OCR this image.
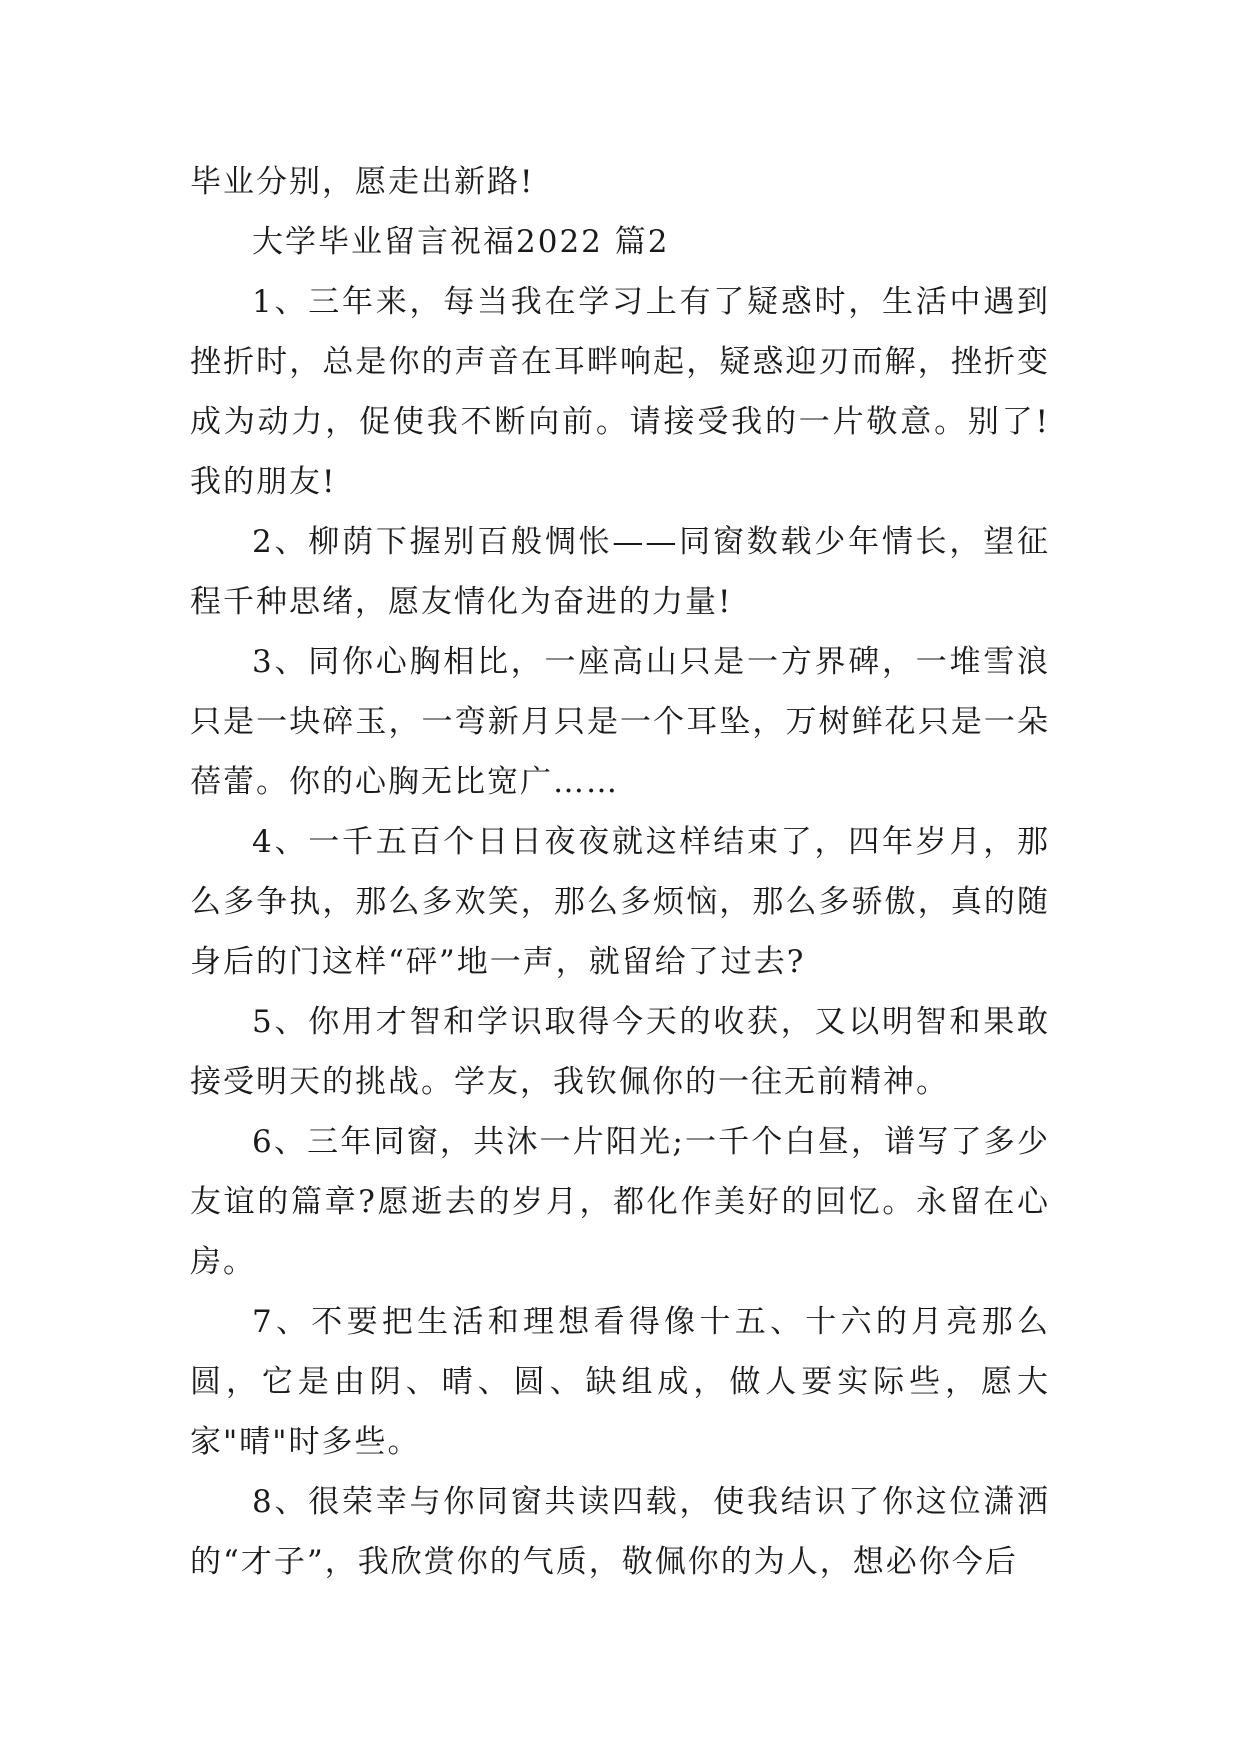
毕业分别，愿走出新路!

大学毕业留言祝福2022 篇2

1、三年来，每当我在学习上有了疑惑时，生活中遇到挫折时，总是你的声音在耳畔响起，疑惑迎刃而解，挫折变成为动力，促使我不断向前。请接受我的一片敬意。别了!我的朋友!

2、柳荫下握别百般惆怅——同窗数载少年情长，望征程千种思绪，愿友情化为奋进的力量!

3、同你心胸相比，一座高山只是一方界碑，一堆雪浪只是一块碎玉，一弯新月只是一个耳坠，万树鲜花只是一朵蓓蕾。你的心胸无比宽广……

4、一千五百个日日夜夜就这样结束了，四年岁月，那么多争执，那么多欢笑，那么多烦恼，那么多骄傲，真的随身后的门这样“砰”地一声，就留给了过去?

5、你用才智和学识取得今天的收获，又以明智和果敢接受明天的挑战。学友，我钦佩你的一往无前精神。

6、三年同窗，共沐一片阳光;一千个白昼，谱写了多少友谊的篇章?愿逝去的岁月，都化作美好的回忆。永留在心房。

7、不要把生活和理想看得像十五、十六的月亮那么圆，它是由阴、晴、圆、缺组成，做人要实际些，愿大家"晴"时多些。

8、很荣幸与你同窗共读四载，使我结识了你这位潇洒的“才子”，我欣赏你的气质，敬佩你的为人，想必你今后
